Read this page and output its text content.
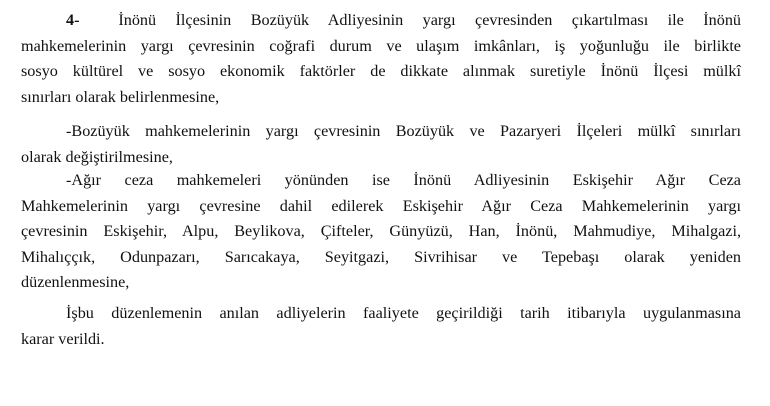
4- İnönü İlçesinin Bozüyük Adliyesinin yargı çevresinden çıkartılması ile İnönü
mahkemelerinin yargı çevresinin coğrafi durum ve ulaşım imkânları, iş yoğunluğu ile birlikte
sosyo kültürel ve sosyo ekonomik faktörler de dikkate alınmak suretiyle İnönü İlçesi mülkî
sınırları olarak belirlenmesine,

-Bozüyük mahkemelerinin yargı çevresinin Bozüyük ve Pazaryeri İlçeleri mülkî sınırları
olarak değiştirilmesine,

-Ağır ceza mahkemeleri yönünden ise İnönü Adliyesinin Eskişehir Ağır Ceza
Mahkemelerinin yargı çevresine dahil edilerek Eskişehir Ağır Ceza Mahkemelerinin yargı
çevresinin Eskişehir, Alpu, Beylikova, Çifteler, Günyüzü, Han, İnönü, Mahmudiye, Mihalgazi,
Mihalıççık, Odunpazarı, Sarıcakaya, Seyitgazi, Sivrihisar ve Tepebaşı olarak yeniden
düzenlenmesine,

İşbu düzenlemenin anılan adliyelerin faaliyete geçirildiği tarih itibarıyla uygulanmasına
karar verildi.
